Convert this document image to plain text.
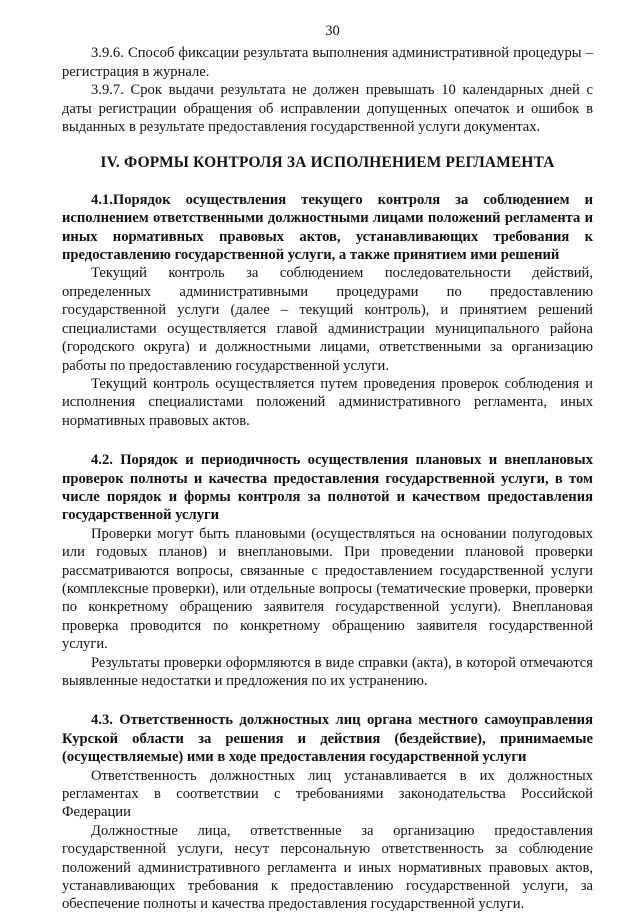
30

3.9.6. Способ фиксации результата выполнения административной процедуры – регистрация в журнале.

3.9.7. Срок выдачи результата не должен превышать 10 календарных дней с даты регистрации обращения об исправлении допущенных опечаток и ошибок в выданных в результате предоставления государственной услуги документах.

IV. ФОРМЫ КОНТРОЛЯ ЗА ИСПОЛНЕНИЕМ РЕГЛАМЕНТА
4.1.Порядок осуществления текущего контроля за соблюдением и исполнением ответственными должностными лицами положений регламента и иных нормативных правовых актов, устанавливающих требования к предоставлению государственной услуги, а также принятием ими решений

Текущий контроль за соблюдением последовательности действий, определенных административными процедурами по предоставлению государственной услуги (далее – текущий контроль), и принятием решений специалистами осуществляется главой администрации муниципального района (городского округа) и должностными лицами, ответственными за организацию работы по предоставлению государственной услуги.

Текущий контроль осуществляется путем проведения проверок соблюдения и исполнения специалистами положений административного регламента, иных нормативных правовых актов.

4.2. Порядок и периодичность осуществления плановых и внеплановых проверок полноты и качества предоставления государственной услуги, в том числе порядок и формы контроля за полнотой и качеством предоставления государственной услуги

Проверки могут быть плановыми (осуществляться на основании полугодовых или годовых планов) и внеплановыми. При проведении плановой проверки рассматриваются вопросы, связанные с предоставлением государственной услуги (комплексные проверки), или отдельные вопросы (тематические проверки, проверки по конкретному обращению заявителя государственной услуги). Внеплановая проверка проводится по конкретному обращению заявителя государственной услуги.

Результаты проверки оформляются в виде справки (акта), в которой отмечаются выявленные недостатки и предложения по их устранению.

4.3. Ответственность должностных лиц органа местного самоуправления Курской области за решения и действия (бездействие), принимаемые (осуществляемые) ими в ходе предоставления государственной услуги

Ответственность должностных лиц устанавливается в их должностных регламентах в соответствии с требованиями законодательства Российской Федерации

Должностные лица, ответственные за организацию предоставления государственной услуги, несут персональную ответственность за соблюдение положений административного регламента и иных нормативных правовых актов, устанавливающих требования к предоставлению государственной услуги, за обеспечение полноты и качества предоставления государственной услуги.
